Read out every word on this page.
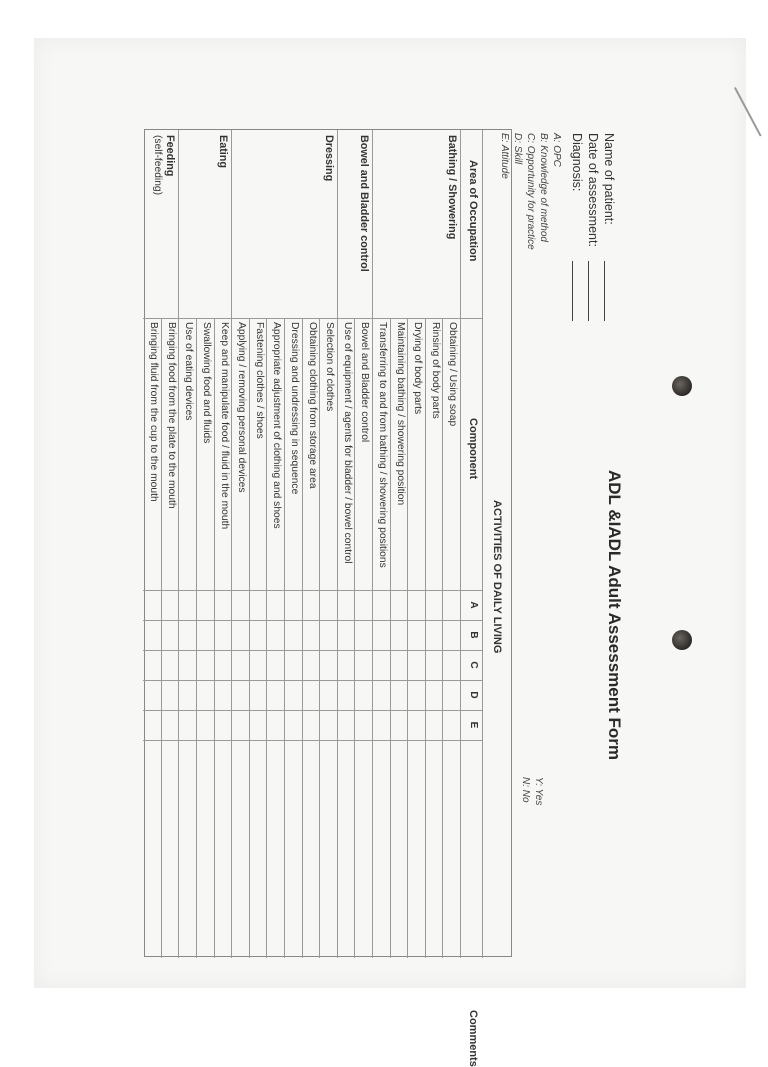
ADL &IADL Adult Assessment Form
Name of patient:
Date of assessment:
Diagnosis:
A: OPC
B: Knowledge of method
C: Opportunity for practice
D: Skill
E: Attitude
Y: Yes
N: No
ACTIVITIES OF DAILY LIVING
Area of Occupation
Component
A
B
C
D
E
Comments
Obtaining / Using soap
Rinsing of body parts
Drying of body parts
Maintaining bathing / showering position
Transferring to and from bathing / showering positions
Bowel and Bladder control
Use of equipment / agents for bladder / bowel control
Selection of clothes
Obtaining clothing from storage area
Dressing and undressing in sequence
Appropriate adjustment of clothing and shoes
Fastening clothes / shoes
Applying / removing personal devices
Keep and manipulate food / fluid in the mouth
Swallowing food and fluids
Use of eating devices
Bringing food from the plate to the mouth
Bringing fluid from the cup to the mouth
Bathing / Showering
Bowel and Bladder control
Dressing
Eating
Feeding
(self-feeding)
